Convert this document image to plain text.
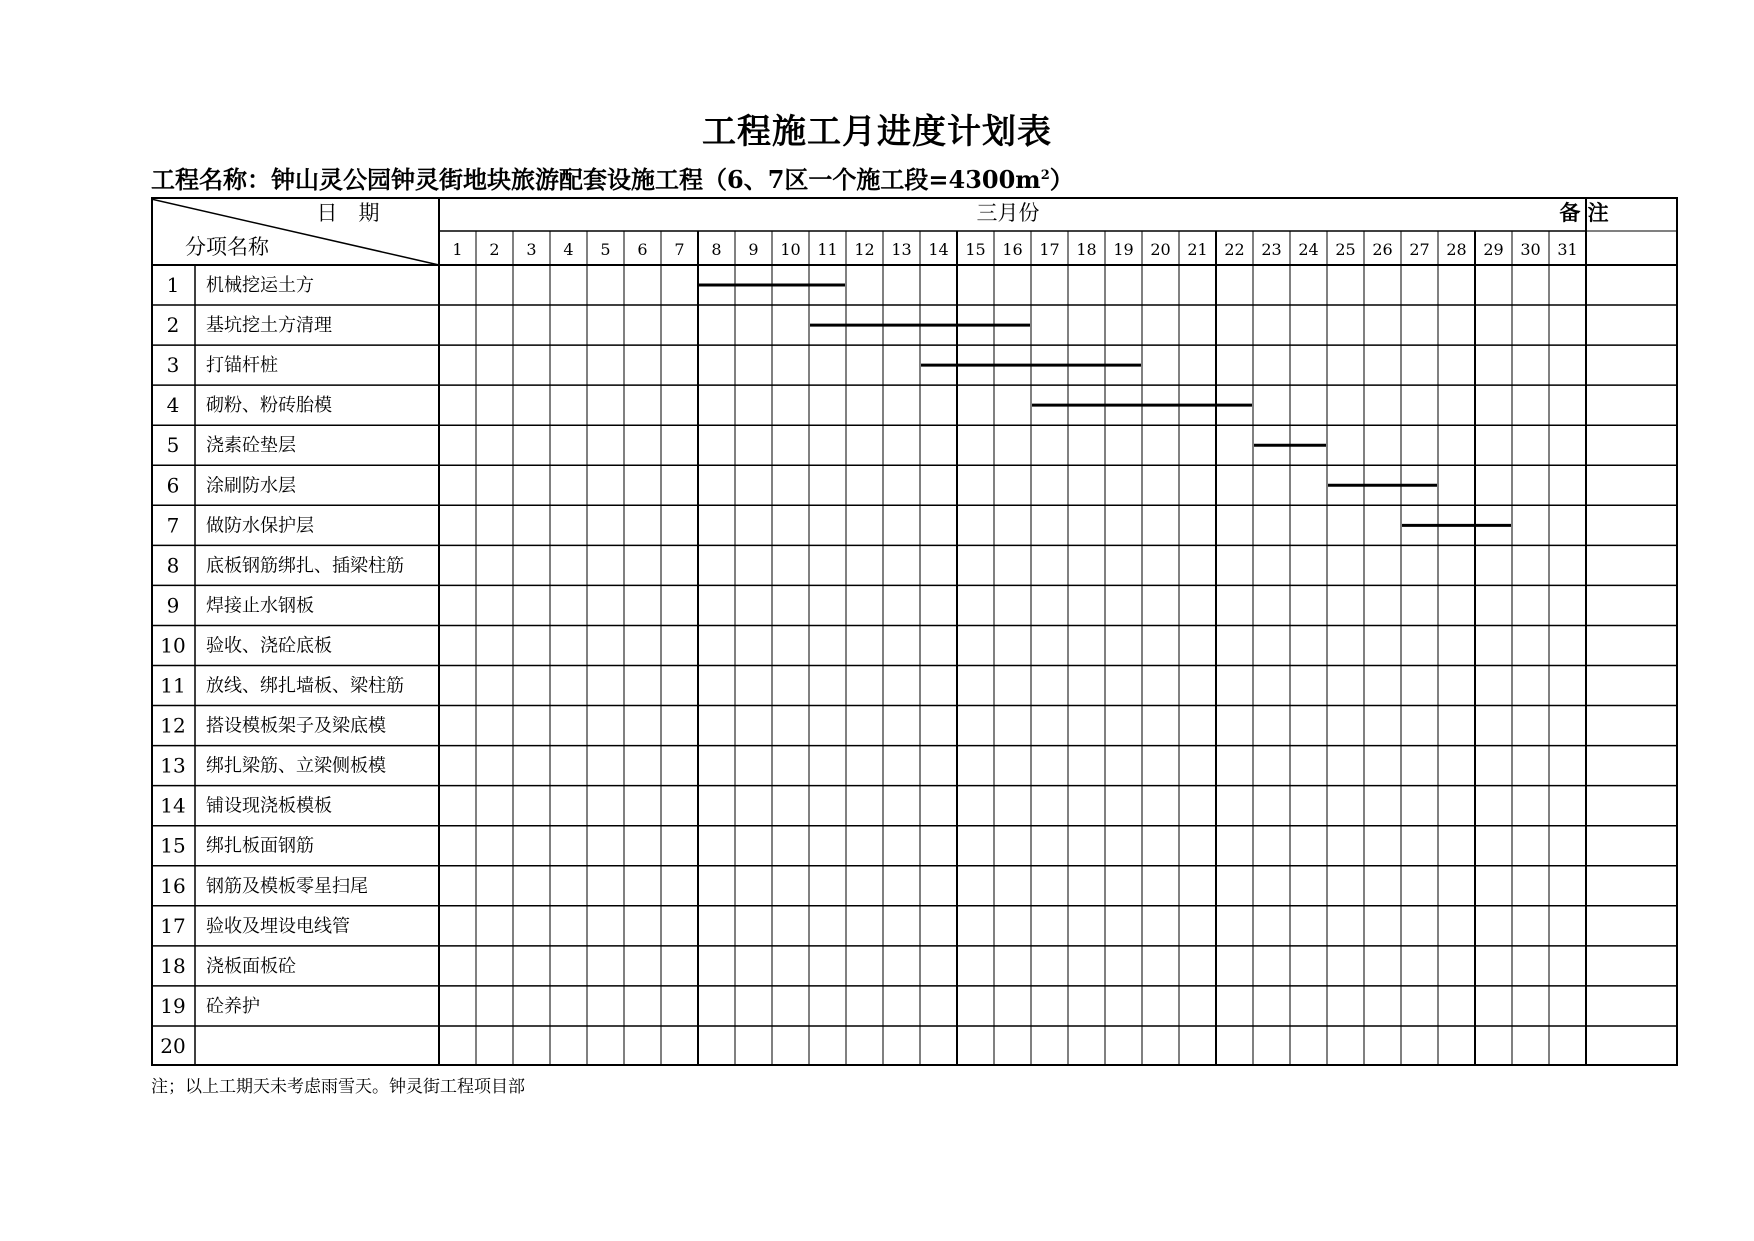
工程施工月进度计划表
工程名称：钟山灵公园钟灵街地块旅游配套设施工程（6、7区一个施工段$=4300m^2$）
日　期
分项名称
三月份	备 注
1 2 3 4 5 6 7 8 9 10 11 12 13 14 15 16 17 18 19 20 21 22 23 24 25 26 27 28 29 30 31
1 机械挖运土方
2 基坑挖土方清理
3 打锚杆桩
4 砌粉、粉砖胎模
5 浇素砼垫层
6 涂刷防水层
7 做防水保护层
8 底板钢筋绑扎、插梁柱筋
9 焊接止水钢板
10 验收、浇砼底板
11 放线、绑扎墙板、梁柱筋
12 搭设模板架子及梁底模
13 绑扎梁筋、立梁侧板模
14 铺设现浇板模板
15 绑扎板面钢筋
16 钢筋及模板零星扫尾
17 验收及埋设电线管
18 浇板面板砼
19 砼养护
20
注；以上工期天未考虑雨雪天。钟灵街工程项目部
